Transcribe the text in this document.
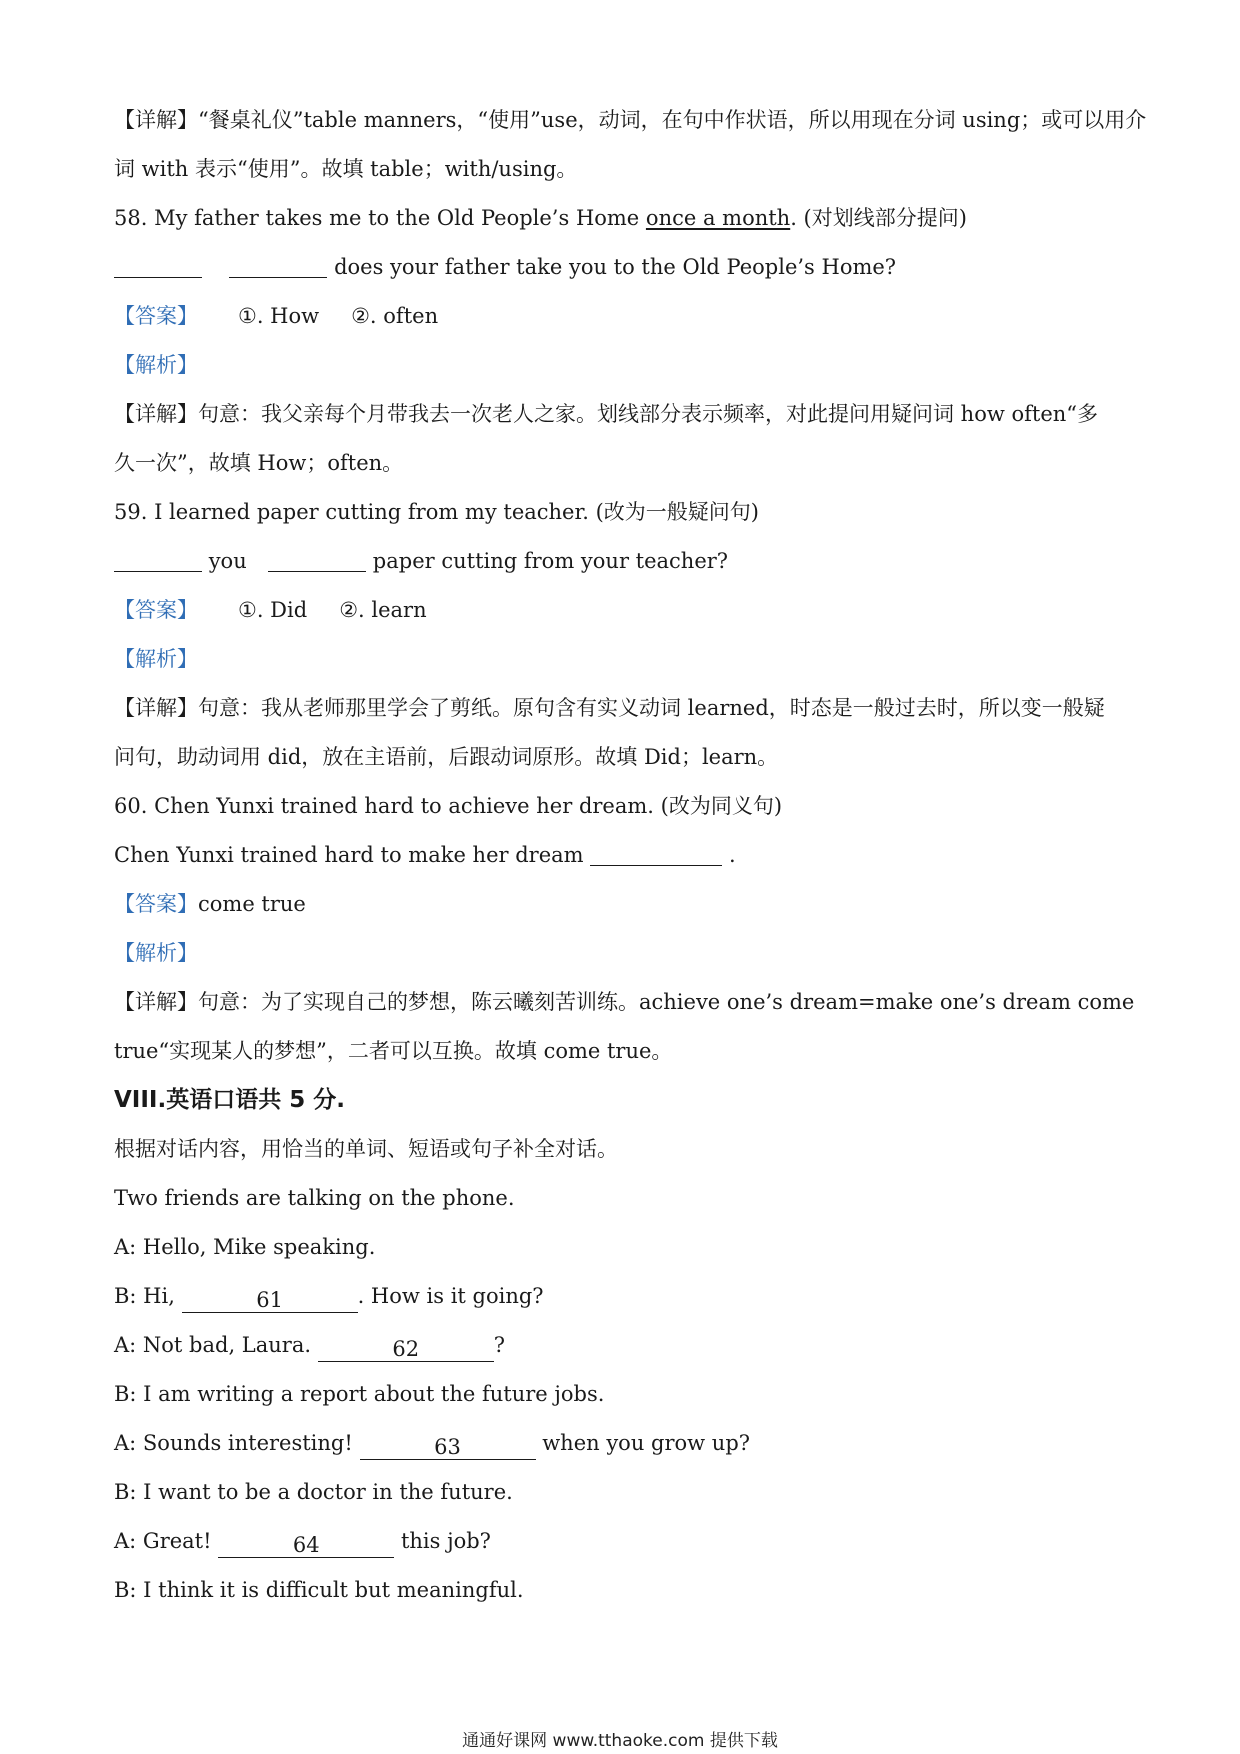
【详解】“餐桌礼仪”table manners，“使用”use，动词，在句中作状语，所以用现在分词 using；或可以用介
词 with 表示“使用”。故填 table；with/using。
58. My father takes me to the Old People’s Home once a month. (对划线部分提问)
does your father take you to the Old People’s Home?
【答案】 ①. How ②. often
【解析】
【详解】句意：我父亲每个月带我去一次老人之家。划线部分表示频率，对此提问用疑问词 how often“多
久一次”，故填 How；often。
59. I learned paper cutting from my teacher. (改为一般疑问句)
you	paper cutting from your teacher?
【答案】 ①. Did ②. learn
【解析】
【详解】句意：我从老师那里学会了剪纸。原句含有实义动词 learned，时态是一般过去时，所以变一般疑
问句，助动词用 did，放在主语前，后跟动词原形。故填 Did；learn。
60. Chen Yunxi trained hard to achieve her dream. (改为同义句)
Chen Yunxi trained hard to make her dream	.
【答案】come true
【解析】
【详解】句意：为了实现自己的梦想，陈云曦刻苦训练。achieve one’s dream=make one’s dream come
true“实现某人的梦想”，二者可以互换。故填 come true。
VIII.英语口语共 5 分.
根据对话内容，用恰当的单词、短语或句子补全对话。
Two friends are talking on the phone.
A: Hello, Mike speaking.
B: Hi,	61	. How is it going?
A: Not bad, Laura.	62	?
B: I am writing a report about the future jobs.
A: Sounds interesting!	63	when you grow up?
B: I want to be a doctor in the future.
A: Great!	64	this job?
B: I think it is difficult but meaningful.
通通好课网 www.tthaoke.com 提供下载
